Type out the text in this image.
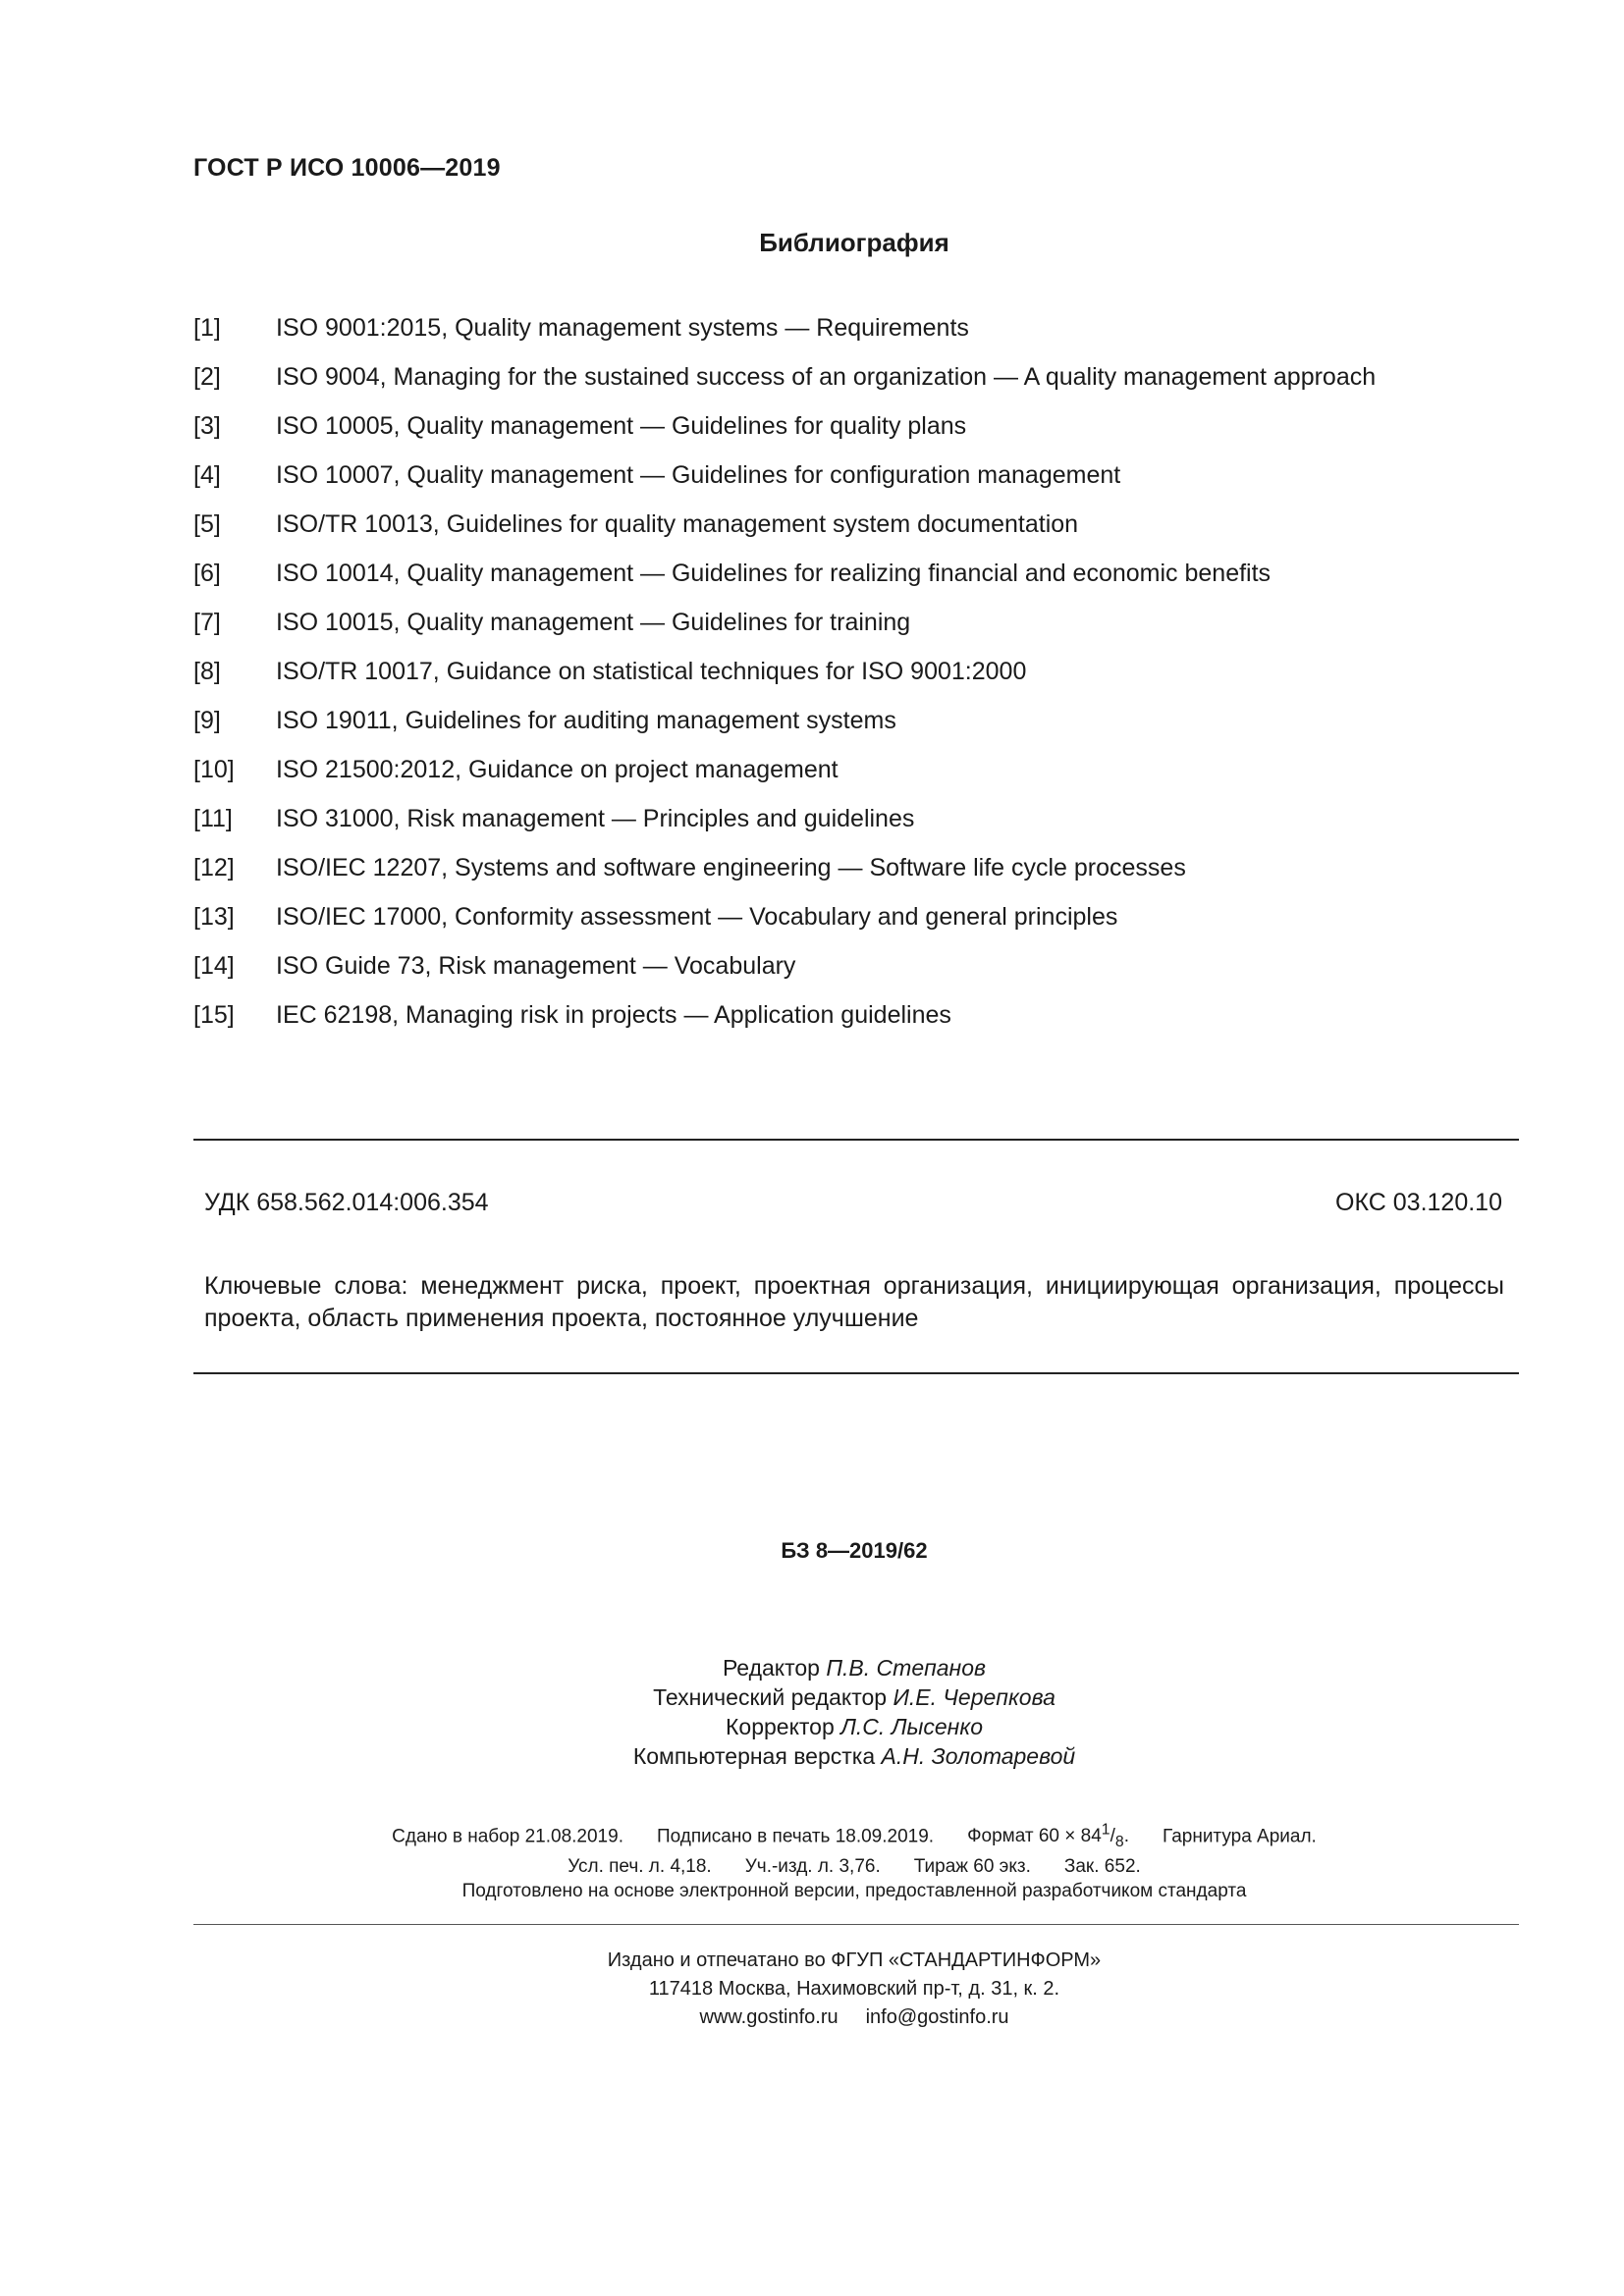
ГОСТ Р ИСО 10006—2019
Библиография
[1] ISO 9001:2015, Quality management systems — Requirements
[2] ISO 9004, Managing for the sustained success of an organization — A quality management approach
[3] ISO 10005, Quality management — Guidelines for quality plans
[4] ISO 10007, Quality management — Guidelines for configuration management
[5] ISO/TR 10013, Guidelines for quality management system documentation
[6] ISO 10014, Quality management — Guidelines for realizing financial and economic benefits
[7] ISO 10015, Quality management — Guidelines for training
[8] ISO/TR 10017, Guidance on statistical techniques for ISO 9001:2000
[9] ISO 19011, Guidelines for auditing management systems
[10] ISO 21500:2012, Guidance on project management
[11] ISO 31000, Risk management — Principles and guidelines
[12] ISO/IEC 12207, Systems and software engineering — Software life cycle processes
[13] ISO/IEC 17000, Conformity assessment — Vocabulary and general principles
[14] ISO Guide 73, Risk management — Vocabulary
[15] IEC 62198, Managing risk in projects — Application guidelines
УДК 658.562.014:006.354	ОКС 03.120.10
Ключевые слова: менеджмент риска, проект, проектная организация, инициирующая организация, процессы проекта, область применения проекта, постоянное улучшение
БЗ 8—2019/62
Редактор П.В. Степанов
Технический редактор И.Е. Черепкова
Корректор Л.С. Лысенко
Компьютерная верстка А.Н. Золотаревой
Сдано в набор 21.08.2019. Подписано в печать 18.09.2019. Формат $60 \times 84^1/_8$. Гарнитура Ариал.
Усл. печ. л. 4,18. Уч.-изд. л. 3,76. Тираж 60 экз. Зак. 652.
Подготовлено на основе электронной версии, предоставленной разработчиком стандарта
Издано и отпечатано во ФГУП «СТАНДАРТИНФОРМ»
117418 Москва, Нахимовский пр-т, д. 31, к. 2.
www.gostinfo.ru info@gostinfo.ru
